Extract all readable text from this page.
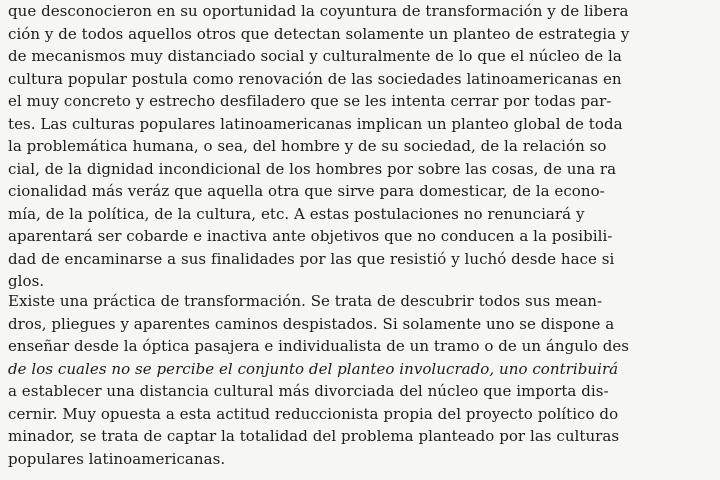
que desconocieron en su oportunidad la coyuntura de transformación y de libera
ción y de todos aquellos otros que detectan solamente un planteo de estrategia y
de mecanismos muy distanciado social y culturalmente de lo que el núcleo de la
cultura popular postula como renovación de las sociedades latinoamericanas en
el muy concreto y estrecho desfiladero que se les intenta cerrar por todas par-
tes. Las culturas populares latinoamericanas implican un planteo global de toda
la problemática humana, o sea, del hombre y de su sociedad, de la relación so
cial, de la dignidad incondicional de los hombres por sobre las cosas, de una ra
cionalidad más veráz que aquella otra que sirve para domesticar, de la econo-
mía, de la política, de la cultura, etc. A estas postulaciones no renunciará y
aparentará ser cobarde e inactiva ante objetivos que no conducen a la posibili-
dad de encaminarse a sus finalidades por las que resistió y luchó desde hace si
glos.
Existe una práctica de transformación. Se trata de descubrir todos sus mean-
dros, pliegues y aparentes caminos despistados. Si solamente uno se dispone a
enseñar desde la óptica pasajera e individualista de un tramo o de un ángulo des
de los cuales no se percibe el conjunto del planteo involucrado, uno contribuirá
a establecer una distancia cultural más divorciada del núcleo que importa dis-
cernir. Muy opuesta a esta actitud reduccionista propia del proyecto político do
minador, se trata de captar la totalidad del problema planteado por las culturas
populares latinoamericanas.
